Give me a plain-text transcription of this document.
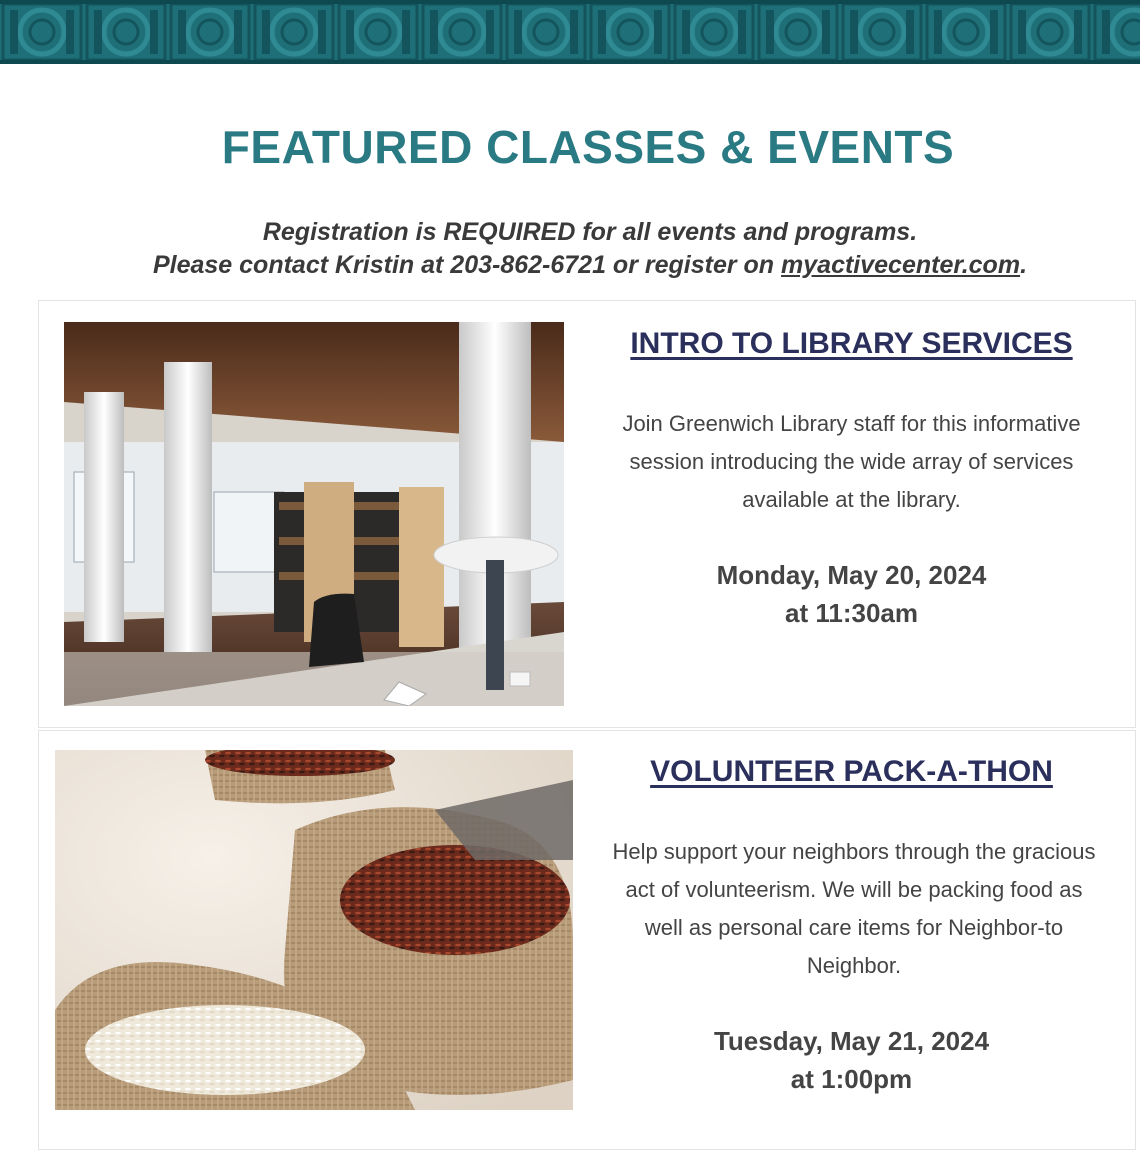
FEATURED CLASSES & EVENTS
Registration is REQUIRED for all events and programs.
Please contact Kristin at 203-862-6721 or register on myactivecenter.com.
INTRO TO LIBRARY SERVICES
Join Greenwich Library staff for this informative session introducing the wide array of services available at the library.
Monday, May 20, 2024
at 11:30am
VOLUNTEER PACK-A-THON
Help support your neighbors through the gracious act of volunteerism. We will be packing food as well as personal care items for Neighbor-to Neighbor.
Tuesday, May 21, 2024
at 1:00pm
